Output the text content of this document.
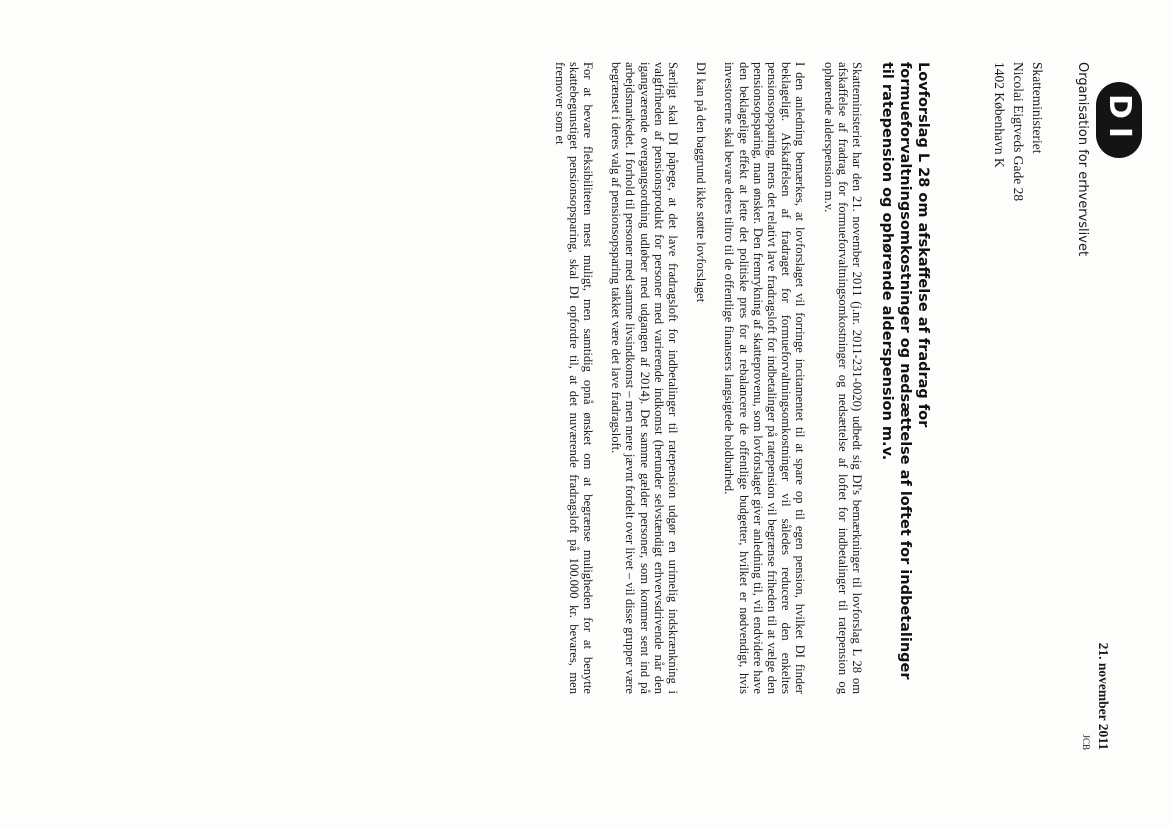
DI
Organisation for erhvervslivet
Skatteministeriet
Nicolai Eigtveds Gade 28
1402 København K
21. november 2011
JCB
Lovforslag L 28 om afskaffelse af fradrag for formueforvaltningsomkostninger og nedsættelse af loftet for indbetalinger til ratepension og ophørende alderspension m.v.

Skatteministeriet har den 21. november 2011 (j.nr. 2011-231-0020) udbedt sig DI's bemærkninger til lovforslag L 28 om afskaffelse af fradrag for formueforvaltningsomkostninger og nedsættelse af loftet for indbetalinger til ratepension og ophørende alderspension m.v.

I den anledning bemærkes, at lovforslaget vil forringe incitamentet til at spare op til egen pension, hvilket DI finder beklageligt. Afskaffelsen af fradraget for formueforvaltningsomkostninger vil således reducere den enkeltes pensionsopsparing, mens det relativt lave fradragsloft for indbetalinger på ratepension vil begrænse friheden til at vælge den pensionsopsparing, man ønsker. Den fremrykning af skatteprovenu, som lovforslaget giver anledning til, vil endvidere have den beklagelige effekt at lette det politiske pres for at rebalancere de offentlige budgetter, hvilket er nødvendigt, hvis investorerne skal bevare deres tiltro til de offentlige finansers langsigtede holdbarhed.

DI kan på den baggrund ikke støtte lovforslaget

Særligt skal DI påpege, at det lave fradragsloft for indbetalinger til ratepension udgør en urimelig indskrænkning i valgfriheden af pensionsprodukt for personer med varierende indkomst (herunder selvstændigt erhvervsdrivende når den igangværende overgangsordning udløber med udgangen af 2014). Det samme gælder personer, som kommer sent ind på arbejdsmarkedet. I forhold til personer med samme livsindkomst – men mere jævnt fordelt over livet – vil disse grupper være begrænset i deres valg af pensionsopsparing takket være det lave fradragsloft.

For at bevare fleksibiliteten mest muligt, men samtidig opnå ønsket om at begrænse muligheden for at benytte skattebegunstiget pensionsopsparing, skal DI opfordre til, at det nuværende fradragsloft på 100.000 kr. bevares, men fremover som et
